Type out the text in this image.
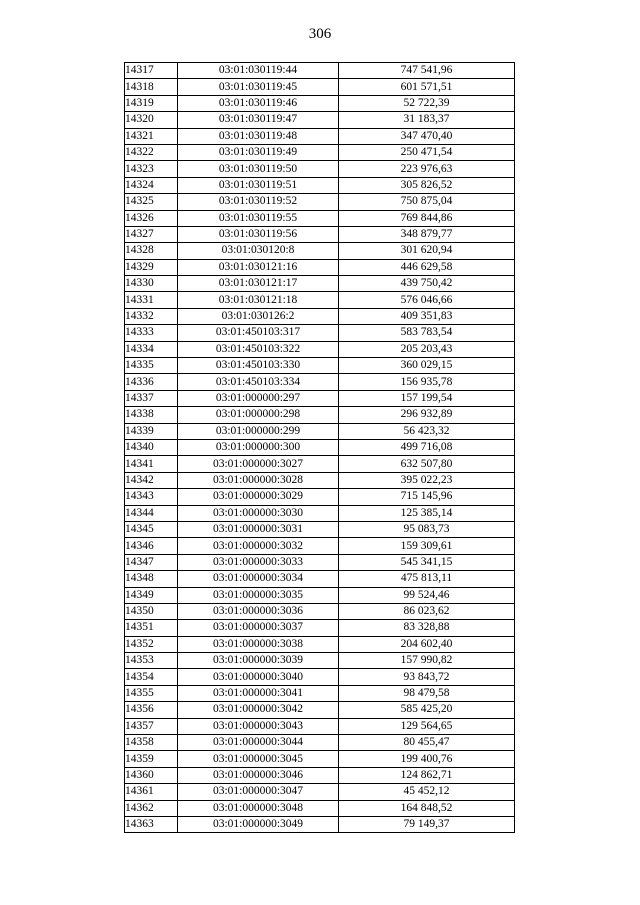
306
14317	03:01:030119:44	747 541,96
14318	03:01:030119:45	601 571,51
14319	03:01:030119:46	52 722,39
14320	03:01:030119:47	31 183,37
14321	03:01:030119:48	347 470,40
14322	03:01:030119:49	250 471,54
14323	03:01:030119:50	223 976,63
14324	03:01:030119:51	305 826,52
14325	03:01:030119:52	750 875,04
14326	03:01:030119:55	769 844,86
14327	03:01:030119:56	348 879,77
14328	03:01:030120:8	301 620,94
14329	03:01:030121:16	446 629,58
14330	03:01:030121:17	439 750,42
14331	03:01:030121:18	576 046,66
14332	03:01:030126:2	409 351,83
14333	03:01:450103:317	583 783,54
14334	03:01:450103:322	205 203,43
14335	03:01:450103:330	360 029,15
14336	03:01:450103:334	156 935,78
14337	03:01:000000:297	157 199,54
14338	03:01:000000:298	296 932,89
14339	03:01:000000:299	56 423,32
14340	03:01:000000:300	499 716,08
14341	03:01:000000:3027	632 507,80
14342	03:01:000000:3028	395 022,23
14343	03:01:000000:3029	715 145,96
14344	03:01:000000:3030	125 385,14
14345	03:01:000000:3031	95 083,73
14346	03:01:000000:3032	159 309,61
14347	03:01:000000:3033	545 341,15
14348	03:01:000000:3034	475 813,11
14349	03:01:000000:3035	99 524,46
14350	03:01:000000:3036	86 023,62
14351	03:01:000000:3037	83 328,88
14352	03:01:000000:3038	204 602,40
14353	03:01:000000:3039	157 990,82
14354	03:01:000000:3040	93 843,72
14355	03:01:000000:3041	98 479,58
14356	03:01:000000:3042	585 425,20
14357	03:01:000000:3043	129 564,65
14358	03:01:000000:3044	80 455,47
14359	03:01:000000:3045	199 400,76
14360	03:01:000000:3046	124 862,71
14361	03:01:000000:3047	45 452,12
14362	03:01:000000:3048	164 848,52
14363	03:01:000000:3049	79 149,37
